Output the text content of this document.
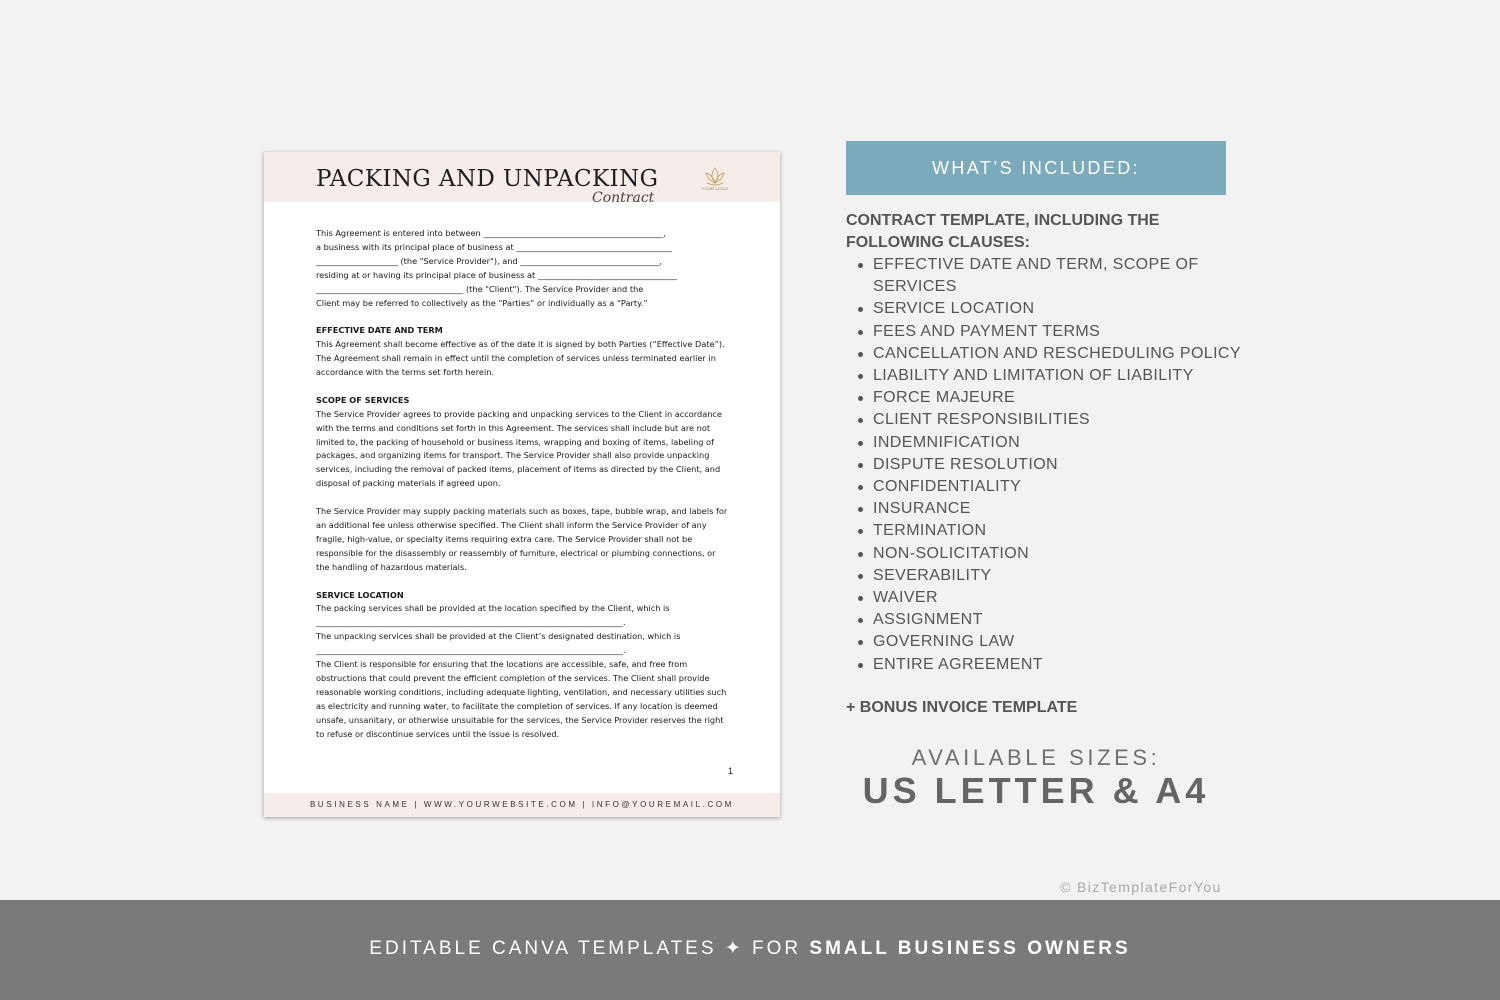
PACKING AND UNPACKING
Contract
YOUR LOGO

This Agreement is entered into between ____________________________________________,
a business with its principal place of business at ______________________________________
____________________ (the "Service Provider"), and __________________________________,
residing at or having its principal place of business at __________________________________
____________________________________ (the "Client"). The Service Provider and the
Client may be referred to collectively as the “Parties” or individually as a “Party.”

EFFECTIVE DATE AND TERM
This Agreement shall become effective as of the date it is signed by both Parties (“Effective Date”). The Agreement shall remain in effect until the completion of services unless terminated earlier in accordance with the terms set forth herein.

SCOPE OF SERVICES
The Service Provider agrees to provide packing and unpacking services to the Client in accordance with the terms and conditions set forth in this Agreement. The services shall include but are not limited to, the packing of household or business items, wrapping and boxing of items, labeling of packages, and organizing items for transport. The Service Provider shall also provide unpacking services, including the removal of packed items, placement of items as directed by the Client, and disposal of packing materials if agreed upon.

The Service Provider may supply packing materials such as boxes, tape, bubble wrap, and labels for an additional fee unless otherwise specified. The Client shall inform the Service Provider of any fragile, high-value, or specialty items requiring extra care. The Service Provider shall not be responsible for the disassembly or reassembly of furniture, electrical or plumbing connections, or the handling of hazardous materials.

SERVICE LOCATION
The packing services shall be provided at the location specified by the Client, which is ___________________________________________________________________________.

The unpacking services shall be provided at the Client’s designated destination, which is ___________________________________________________________________________.

The Client is responsible for ensuring that the locations are accessible, safe, and free from obstructions that could prevent the efficient completion of the services. The Client shall provide reasonable working conditions, including adequate lighting, ventilation, and necessary utilities such as electricity and running water, to facilitate the completion of services. If any location is deemed unsafe, unsanitary, or otherwise unsuitable for the services, the Service Provider reserves the right to refuse or discontinue services until the issue is resolved.

1
BUSINESS NAME | WWW.YOURWEBSITE.COM | INFO@YOUREMAIL.COM
WHAT’S INCLUDED:
CONTRACT TEMPLATE, INCLUDING THE FOLLOWING CLAUSES:
EFFECTIVE DATE AND TERM, SCOPE OF SERVICES
SERVICE LOCATION
FEES AND PAYMENT TERMS
CANCELLATION AND RESCHEDULING POLICY
LIABILITY AND LIMITATION OF LIABILITY
FORCE MAJEURE
CLIENT RESPONSIBILITIES
INDEMNIFICATION
DISPUTE RESOLUTION
CONFIDENTIALITY
INSURANCE
TERMINATION
NON-SOLICITATION
SEVERABILITY
WAIVER
ASSIGNMENT
GOVERNING LAW
ENTIRE AGREEMENT
+ BONUS INVOICE TEMPLATE
AVAILABLE SIZES:
US LETTER & A4
© BizTemplateForYou
EDITABLE CANVA TEMPLATES ✦ FOR SMALL BUSINESS OWNERS
